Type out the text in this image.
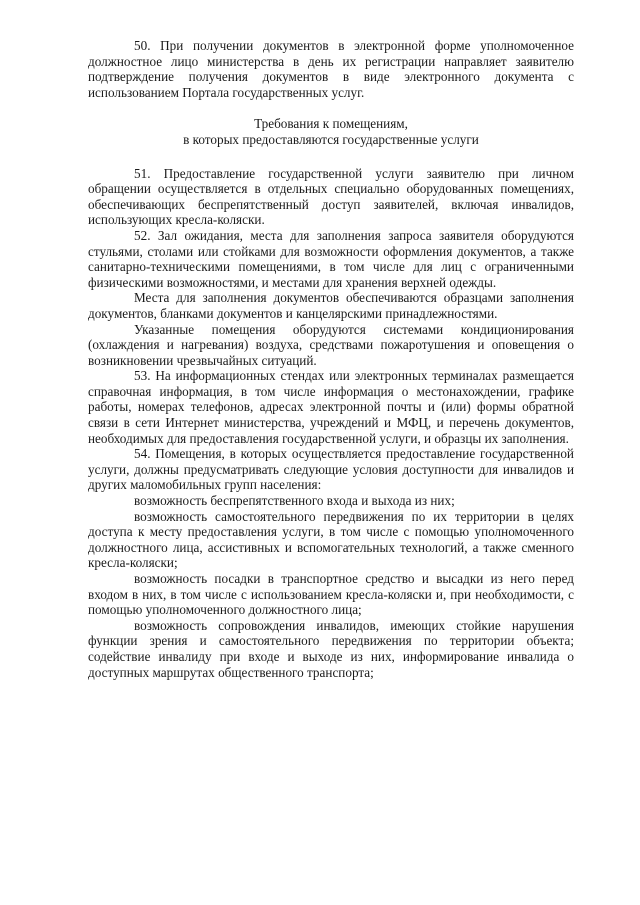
50. При получении документов в электронной форме уполномоченное должностное лицо министерства в день их регистрации направляет заявителю подтверждение получения документов в виде электронного документа с использованием Портала государственных услуг.

Требования к помещениям,
в которых предоставляются государственные услуги

51. Предоставление государственной услуги заявителю при личном обращении осуществляется в отдельных специально оборудованных помещениях, обеспечивающих беспрепятственный доступ заявителей, включая инвалидов, использующих кресла-коляски.

52. Зал ожидания, места для заполнения запроса заявителя оборудуются стульями, столами или стойками для возможности оформления документов, а также санитарно-техническими помещениями, в том числе для лиц с ограниченными физическими возможностями, и местами для хранения верхней одежды.

Места для заполнения документов обеспечиваются образцами заполнения документов, бланками документов и канцелярскими принадлежностями.

Указанные помещения оборудуются системами кондиционирования (охлаждения и нагревания) воздуха, средствами пожаротушения и оповещения о возникновении чрезвычайных ситуаций.

53. На информационных стендах или электронных терминалах размещается справочная информация, в том числе информация о местонахождении, графике работы, номерах телефонов, адресах электронной почты и (или) формы обратной связи в сети Интернет министерства, учреждений и МФЦ, и перечень документов, необходимых для предоставления государственной услуги, и образцы их заполнения.

54. Помещения, в которых осуществляется предоставление государственной услуги, должны предусматривать следующие условия доступности для инвалидов и других маломобильных групп населения:

возможность беспрепятственного входа и выхода из них;

возможность самостоятельного передвижения по их территории в целях доступа к месту предоставления услуги, в том числе с помощью уполномоченного должностного лица, ассистивных и вспомогательных технологий, а также сменного кресла-коляски;

возможность посадки в транспортное средство и высадки из него перед входом в них, в том числе с использованием кресла-коляски и, при необходимости, с помощью уполномоченного должностного лица;

возможность сопровождения инвалидов, имеющих стойкие нарушения функции зрения и самостоятельного передвижения по территории объекта; содействие инвалиду при входе и выходе из них, информирование инвалида о доступных маршрутах общественного транспорта;
